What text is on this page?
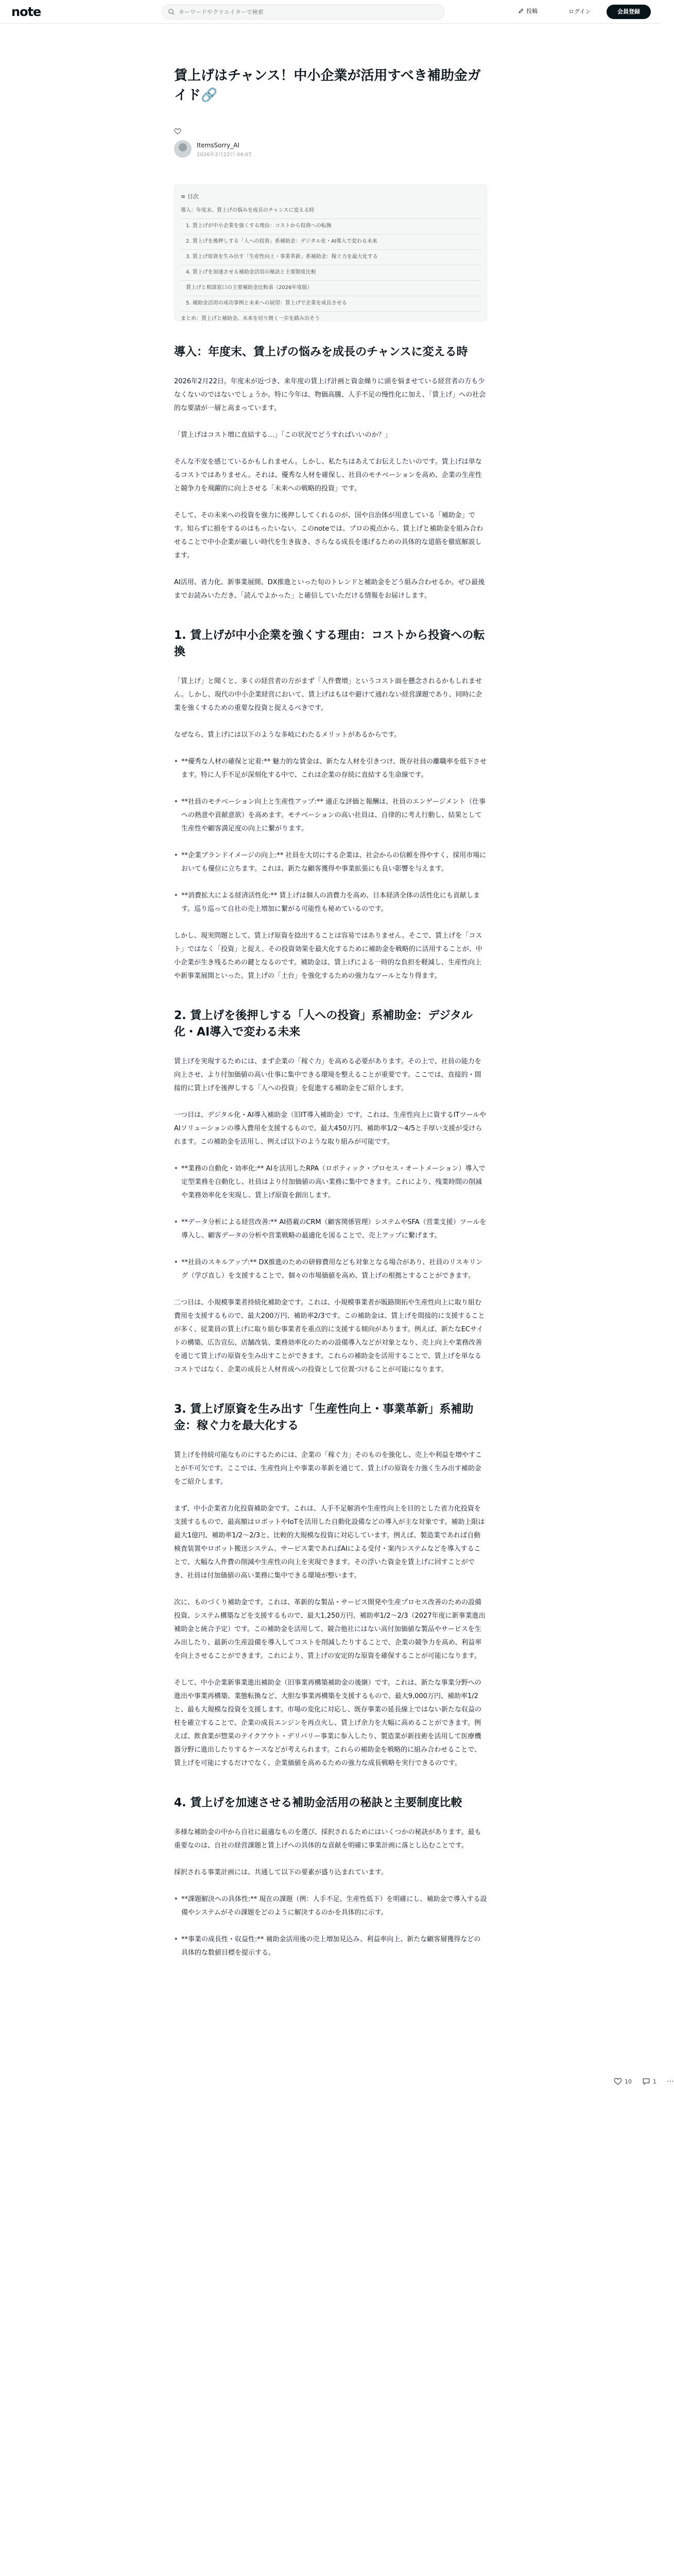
note
キーワードやクリエイターで検索	投稿	ログイン	会員登録
賃上げはチャンス！中小企業が活用すべき補助金ガイド🔗
ItemsSorry_AI
2026年2月22日 04:07
≡ 目次
導入：年度末、賃上げの悩みを成長のチャンスに変える時
1. 賃上げが中小企業を強くする理由：コストから投資への転換
2. 賃上げを後押しする「人への投資」系補助金：デジタル化・AI導入で変わる未来
3. 賃上げ原資を生み出す「生産性向上・事業革新」系補助金：稼ぐ力を最大化する
4. 賃上げを加速させる補助金活用の秘訣と主要制度比較
賃上げと相談窓口の主要補助金比較表（2026年度版）
5. 補助金活用の成功事例と未来への展望：賃上げで企業を成長させる
まとめ：賃上げと補助金、未来を切り開く一歩を踏み出そう
導入：年度末、賃上げの悩みを成長のチャンスに変える時

2026年2月22日。年度末が近づき、来年度の賃上げ計画と資金繰りに頭を悩ませている経営者の方も少なくないのではないでしょうか。特に今年は、物価高騰、人手不足の慢性化に加え、「賃上げ」への社会的な要請が一層と高まっています。

「賃上げはコスト増に直結する…」「この状況でどうすればいいのか？」

そんな不安を感じているかもしれません。しかし、私たちはあえてお伝えしたいのです。賃上げは単なるコストではありません。それは、優秀な人材を確保し、社員のモチベーションを高め、企業の生産性と競争力を飛躍的に向上させる「未来への戦略的投資」です。

そして、その未来への投資を強力に後押ししてくれるのが、国や自治体が用意している「補助金」です。知らずに損をするのはもったいない。このnoteでは、プロの視点から、賃上げと補助金を組み合わせることで中小企業が厳しい時代を生き抜き、さらなる成長を遂げるための具体的な道筋を徹底解説します。

AI活用、省力化、新事業展開、DX推進といった旬のトレンドと補助金をどう組み合わせるか。ぜひ最後までお読みいただき、「読んでよかった」と確信していただける情報をお届けします。

1. 賃上げが中小企業を強くする理由：コストから投資への転換

「賃上げ」と聞くと、多くの経営者の方がまず「人件費増」というコスト面を懸念されるかもしれません。しかし、現代の中小企業経営において、賃上げはもはや避けて通れない経営課題であり、同時に企業を強くするための重要な投資と捉えるべきです。

なぜなら、賃上げには以下のような多岐にわたるメリットがあるからです。

• **優秀な人材の確保と定着:** 魅力的な賃金は、新たな人材を引きつけ、既存社員の離職率を低下させます。特に人手不足が深刻化する中で、これは企業の存続に直結する生命線です。

• **社員のモチベーション向上と生産性アップ:** 適正な評価と報酬は、社員のエンゲージメント（仕事への熱意や貢献意欲）を高めます。モチベーションの高い社員は、自律的に考え行動し、結果として生産性や顧客満足度の向上に繋がります。

• **企業ブランドイメージの向上:** 社員を大切にする企業は、社会からの信頼を得やすく、採用市場においても優位に立ちます。これは、新たな顧客獲得や事業拡張にも良い影響を与えます。

• **消費拡大による経済活性化:** 賃上げは個人の消費力を高め、日本経済全体の活性化にも貢献します。巡り巡って自社の売上増加に繋がる可能性も秘めているのです。

しかし、現実問題として、賃上げ原資を捻出することは容易ではありません。そこで、賃上げを「コスト」ではなく「投資」と捉え、その投資効果を最大化するために補助金を戦略的に活用することが、中小企業が生き残るための鍵となるのです。補助金は、賃上げによる一時的な負担を軽減し、生産性向上や新事業展開といった、賃上げの「土台」を強化するための強力なツールとなり得ます。

2. 賃上げを後押しする「人への投資」系補助金：デジタル化・AI導入で変わる未来

賃上げを実現するためには、まず企業の「稼ぐ力」を高める必要があります。その上で、社員の能力を向上させ、より付加価値の高い仕事に集中できる環境を整えることが重要です。ここでは、直接的・間接的に賃上げを後押しする「人への投資」を促進する補助金をご紹介します。

一つ目は、デジタル化・AI導入補助金（旧IT導入補助金）です。これは、生産性向上に資するITツールやAIソリューションの導入費用を支援するもので、最大450万円、補助率1/2〜4/5と手厚い支援が受けられます。この補助金を活用し、例えば以下のような取り組みが可能です。

• **業務の自動化・効率化:** AIを活用したRPA（ロボティック・プロセス・オートメーション）導入で定型業務を自動化し、社員はより付加価値の高い業務に集中できます。これにより、残業時間の削減や業務効率化を実現し、賃上げ原資を創出します。

• **データ分析による経営改善:** AI搭載のCRM（顧客関係管理）システムやSFA（営業支援）ツールを導入し、顧客データの分析や営業戦略の最適化を図ることで、売上アップに繋げます。

• **社員のスキルアップ:** DX推進のための研修費用なども対象となる場合があり、社員のリスキリング（学び直し）を支援することで、個々の市場価値を高め、賃上げの根拠とすることができます。

二つ目は、小規模事業者持続化補助金です。これは、小規模事業者が販路開拓や生産性向上に取り組む費用を支援するもので、最大200万円、補助率2/3です。この補助金は、賃上げを間接的に支援することが多く、従業員の賃上げに取り組む事業者を重点的に支援する傾向があります。例えば、新たなECサイトの構築、広告宣伝、店舗改装、業務効率化のための設備導入などが対象となり、売上向上や業務改善を通じて賃上げの原資を生み出すことができます。これらの補助金を活用することで、賃上げを単なるコストではなく、企業の成長と人材育成への投資として位置づけることが可能になります。

3. 賃上げ原資を生み出す「生産性向上・事業革新」系補助金：稼ぐ力を最大化する

賃上げを持続可能なものにするためには、企業の「稼ぐ力」そのものを強化し、売上や利益を増やすことが不可欠です。ここでは、生産性向上や事業の革新を通じて、賃上げの原資を力強く生み出す補助金をご紹介します。

まず、中小企業省力化投資補助金です。これは、人手不足解消や生産性向上を目的とした省力化投資を支援するもので、最高額はロボットやIoTを活用した自動化設備などの導入が主な対象です。補助上限は最大1億円、補助率1/2〜2/3と、比較的大規模な投資に対応しています。例えば、製造業であれば自動検査装置やロボット搬送システム、サービス業であればAIによる受付・案内システムなどを導入することで、大幅な人件費の削減や生産性の向上を実現できます。その浮いた資金を賃上げに回すことができ、社員は付加価値の高い業務に集中できる環境が整います。

次に、ものづくり補助金です。これは、革新的な製品・サービス開発や生産プロセス改善のための設備投資、システム構築などを支援するもので、最大1,250万円、補助率1/2〜2/3（2027年度に新事業進出補助金と統合予定）です。この補助金を活用して、競合他社にはない高付加価値な製品やサービスを生み出したり、最新の生産設備を導入してコストを削減したりすることで、企業の競争力を高め、利益率を向上させることができます。これにより、賃上げの安定的な原資を確保することが可能になります。

そして、中小企業新事業進出補助金（旧事業再構築補助金の後継）です。これは、新たな事業分野への進出や事業再構築、業態転換など、大胆な事業再構築を支援するもので、最大9,000万円、補助率1/2と、最も大規模な投資を支援します。市場の変化に対応し、既存事業の延長線上ではない新たな収益の柱を確立することで、企業の成長エンジンを再点火し、賃上げ余力を大幅に高めることができます。例えば、飲食業が惣菜のテイクアウト・デリバリー事業に参入したり、製造業が新技術を活用して医療機器分野に進出したりするケースなどが考えられます。これらの補助金を戦略的に組み合わせることで、賃上げを可能にするだけでなく、企業価値を高めるための強力な成長戦略を実行できるのです。

4. 賃上げを加速させる補助金活用の秘訣と主要制度比較

多様な補助金の中から自社に最適なものを選び、採択されるためにはいくつかの秘訣があります。最も重要なのは、自社の経営課題と賃上げへの具体的な貢献を明確に事業計画に落とし込むことです。

採択される事業計画には、共通して以下の要素が盛り込まれています。

• **課題解決への具体性:** 現在の課題（例：人手不足、生産性低下）を明確にし、補助金で導入する設備やシステムがその課題をどのように解決するのかを具体的に示す。

• **事業の成長性・収益性:** 補助金活用後の売上増加見込み、利益率向上、新たな顧客層獲得などの具体的な数値目標を提示する。

10	1 ⋯
